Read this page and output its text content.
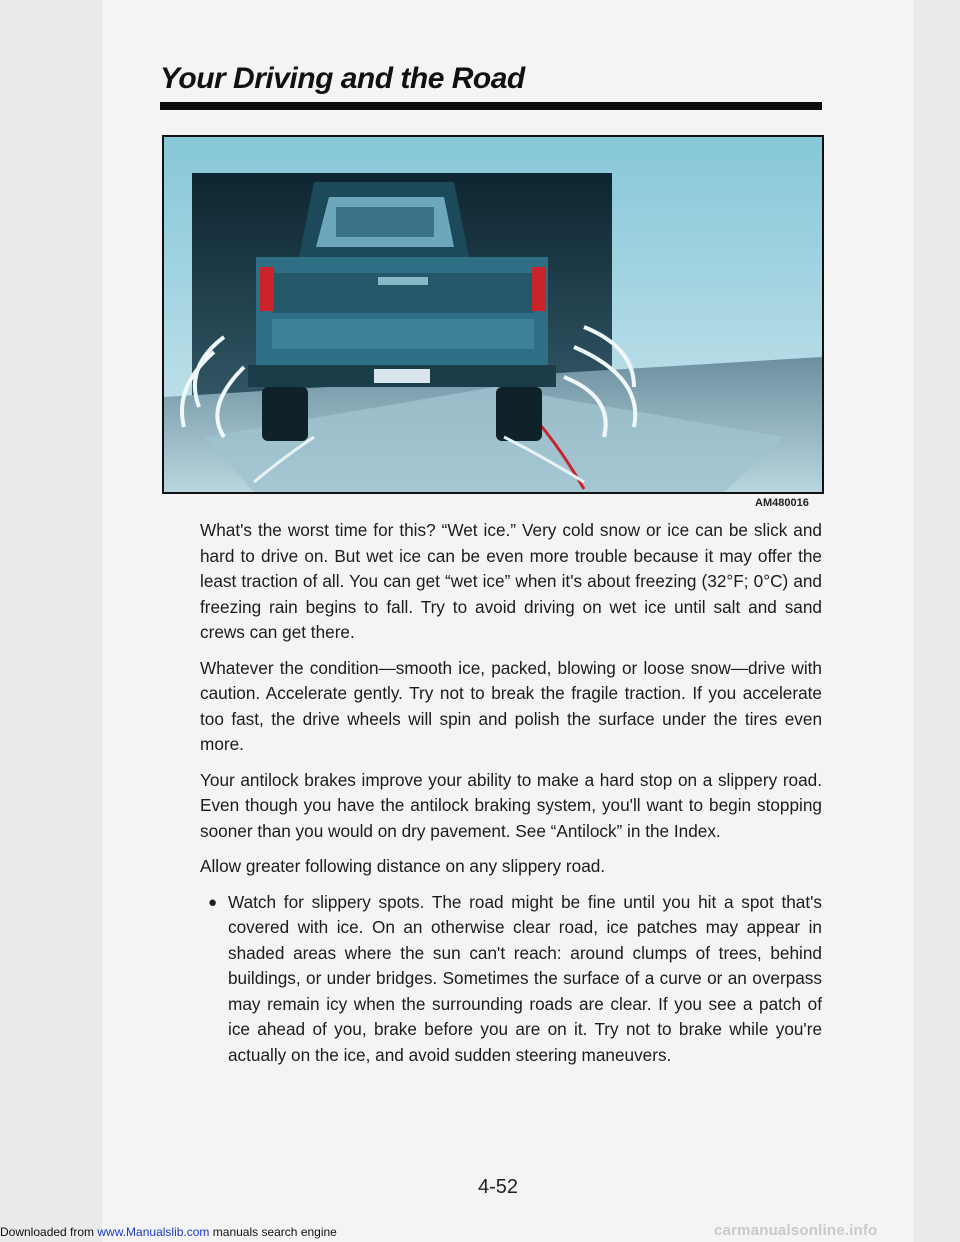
Your Driving and the Road
AM480016

What's the worst time for this? “Wet ice.” Very cold snow or ice can be slick and hard to drive on. But wet ice can be even more trouble because it may offer the least traction of all. You can get “wet ice” when it's about freezing (32°F; 0°C) and freezing rain begins to fall. Try to avoid driving on wet ice until salt and sand crews can get there.

Whatever the condition—smooth ice, packed, blowing or loose snow—drive with caution. Accelerate gently. Try not to break the fragile traction. If you accelerate too fast, the drive wheels will spin and polish the surface under the tires even more.

Your antilock brakes improve your ability to make a hard stop on a slippery road. Even though you have the antilock braking system, you'll want to begin stopping sooner than you would on dry pavement. See “Antilock” in the Index.

Allow greater following distance on any slippery road.

● Watch for slippery spots. The road might be fine until you hit a spot that's covered with ice. On an otherwise clear road, ice patches may appear in shaded areas where the sun can't reach: around clumps of trees, behind buildings, or under bridges. Sometimes the surface of a curve or an overpass may remain icy when the surrounding roads are clear. If you see a patch of ice ahead of you, brake before you are on it. Try not to brake while you're actually on the ice, and avoid sudden steering maneuvers.
4-52
Downloaded from www.Manualslib.com manuals search engine	carmanualsonline.info
